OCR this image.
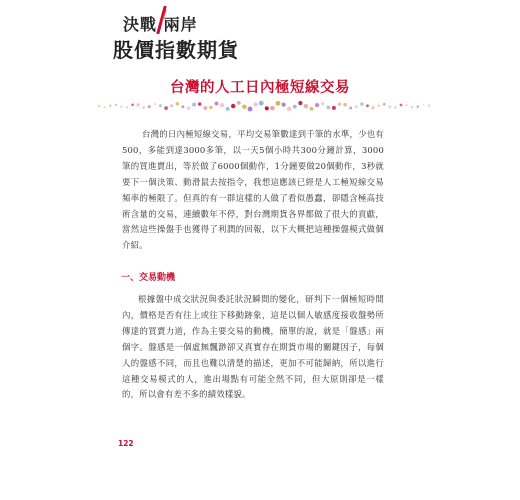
決戰 兩岸
股價指數期貨
台灣的人工日內極短線交易

台灣的日內極短線交易，平均交易筆數達到千筆的水準，少也有500，多能到達3000多筆，以一天5個小時共300分鐘計算，3000筆的買進賣出，等於做了6000個動作，1分鐘要做20個動作，3秒就要下一個決策、動滑鼠去按指令，我想這應該已經是人工極短線交易頻率的極限了。但真的有一群這樣的人做了看似愚蠢，卻隱含極高技術含量的交易，連續數年不停，對台灣期貨各界都做了很大的貢獻，當然這些操盤手也獲得了利潤的回報，以下大概把這種操盤模式做個介紹。

一、交易動機

根據盤中成交狀況與委託狀況瞬間的變化，研判下一個極短時間內，價格是否有往上或往下移動跡象，這是以個人敏感度接收盤勢所傳達的買賣力道，作為主要交易的動機，簡單的說，就是「盤感」兩個字。盤感是一個虛無飄渺卻又真實存在期貨市場的關鍵因子，每個人的盤感不同，而且也難以清楚的描述，更加不可能歸納，所以進行這種交易模式的人，進出場點有可能全然不同，但大原則卻是一樣的，所以會有差不多的績效樣貌。

122
